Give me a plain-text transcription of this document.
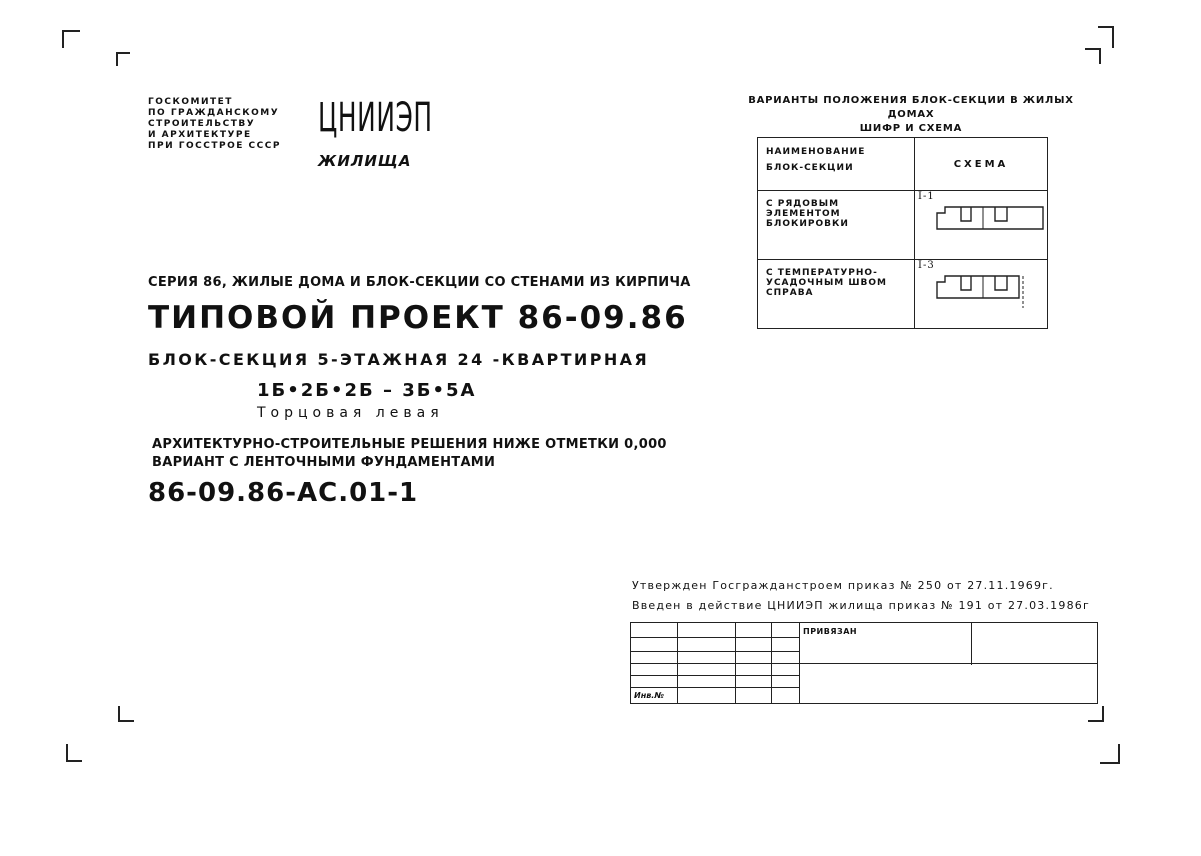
ГОСКОМИТЕТ
ПО ГРАЖДАНСКОМУ
СТРОИТЕЛЬСТВУ
И АРХИТЕКТУРЕ
ПРИ ГОССТРОЕ СССР
ЦНИИЭП
ЖИЛИЩА
СЕРИЯ 86, ЖИЛЫЕ ДОМА И БЛОК-СЕКЦИИ СО СТЕНАМИ ИЗ КИРПИЧА
ТИПОВОЙ ПРОЕКТ 86-09.86
БЛОК-СЕКЦИЯ 5-ЭТАЖНАЯ 24 -КВАРТИРНАЯ
1Б•2Б•2Б – 3Б•5А
Торцовая левая
АРХИТЕКТУРНО-СТРОИТЕЛЬНЫЕ РЕШЕНИЯ НИЖЕ ОТМЕТКИ 0,000
ВАРИАНТ С ЛЕНТОЧНЫМИ ФУНДАМЕНТАМИ
86-09.86-АС.01-1
ВАРИАНТЫ ПОЛОЖЕНИЯ БЛОК-СЕКЦИИ В ЖИЛЫХ ДОМАХ
ШИФР И СХЕМА
НАИМЕНОВАНИЕ
БЛОК-СЕКЦИИ	СХЕМА

С РЯДОВЫМ
ЭЛЕМЕНТОМ
БЛОКИРОВКИ	I-1

С ТЕМПЕРАТУРНО-
УСАДОЧНЫМ ШВОМ
СПРАВА	I-3
Утвержден Госгражданстроем приказ № 250 от 27.11.1969г.
Введен в действие ЦНИИЭП жилища приказ № 191 от 27.03.1986г
ПРИВЯЗАН
Инв.№
